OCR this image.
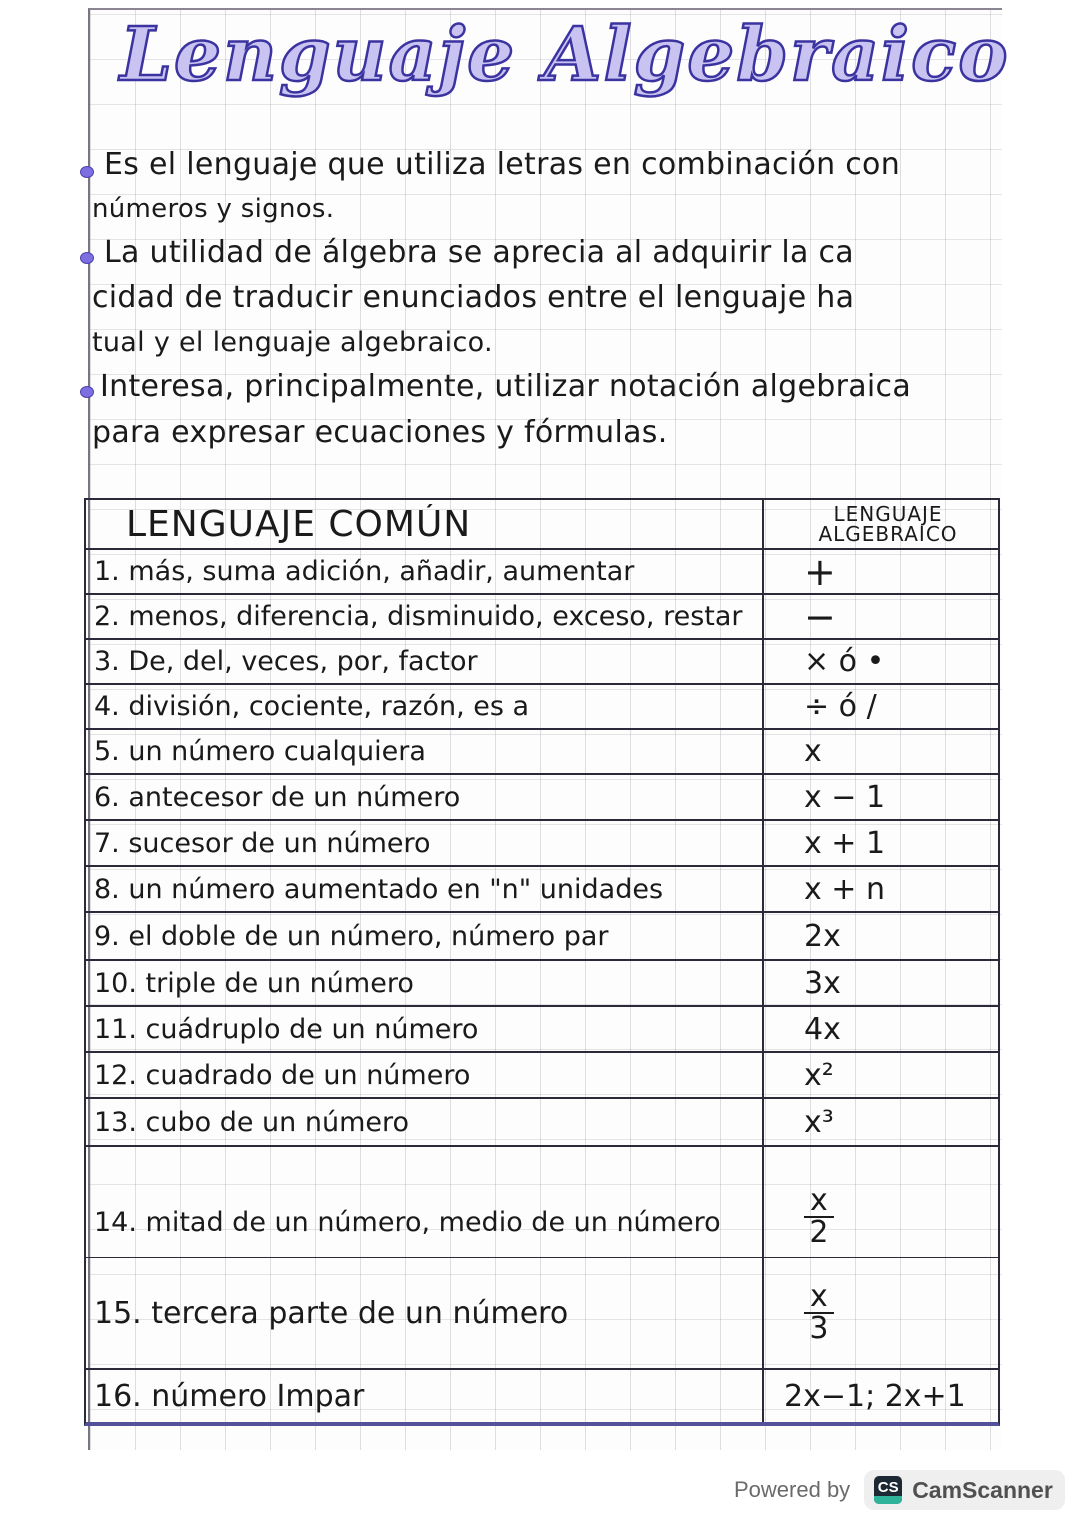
Lenguaje Algebraico
Es el lenguaje que utiliza letras en combinación con
números y signos.
La utilidad de álgebra se aprecia al adquirir la ca
cidad de traducir enunciados entre el lenguaje ha
tual y el lenguaje algebraico.
Interesa, principalmente, utilizar notación algebraica
para expresar ecuaciones y fórmulas.
LENGUAJE COMÚN	LENGUAJE
ALGEBRAICO
1. más, suma adición, añadir, aumentar	+
2. menos, diferencia, disminuido, exceso, restar	−
3. De, del, veces, por, factor	× ó •
4. división, cociente, razón, es a	÷ ó /
5. un número cualquiera	x
6. antecesor de un número	x − 1
7. sucesor de un número	x + 1
8. un número aumentado en "n" unidades	x + n
9. el doble de un número, número par	2x
10. triple de un número	3x
11. cuádruplo de un número	4x
12. cuadrado de un número	x²
13. cubo de un número	x³
14. mitad de un número, medio de un número	$\frac{x}{2}$
15. tercera parte de un número	$\frac{x}{3}$
16. número Impar	2x−1; 2x+1
Powered by CS CamScanner
